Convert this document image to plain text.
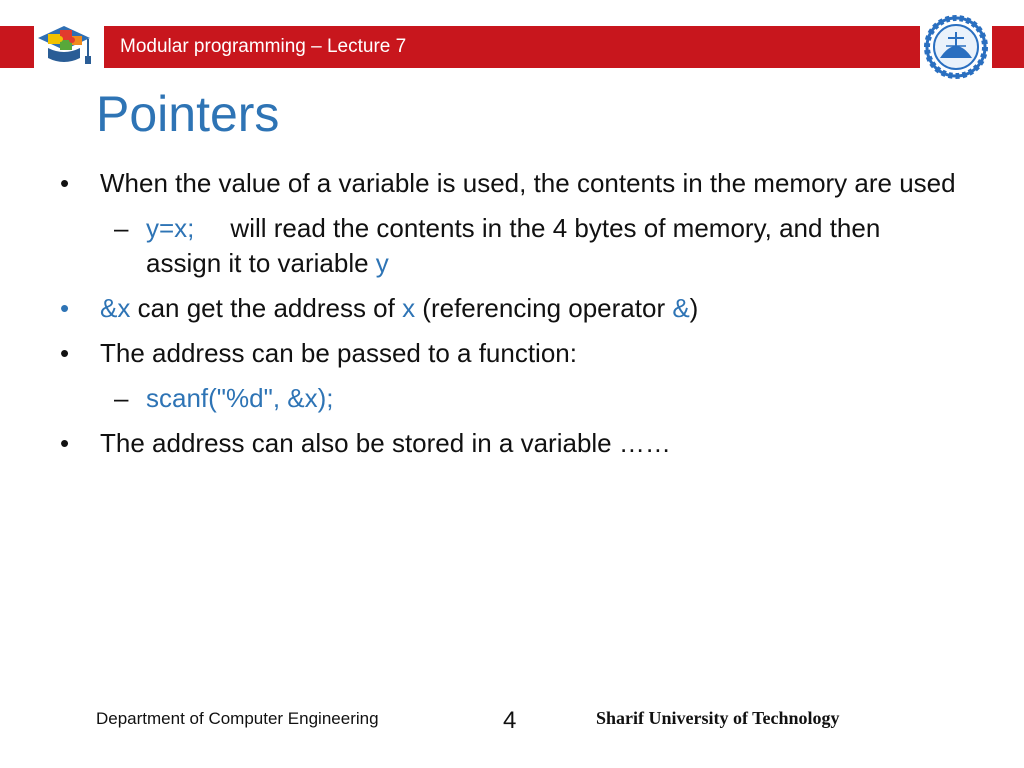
Modular programming – Lecture 7
Pointers
• When the value of a variable is used, the contents in the memory are used
– y=x; will read the contents in the 4 bytes of memory, and then assign it to variable y
• &x can get the address of x (referencing operator &)
• The address can be passed to a function:
– scanf("%d", &x);
• The address can also be stored in a variable ……
Department of Computer Engineering	4	Sharif University of Technology
